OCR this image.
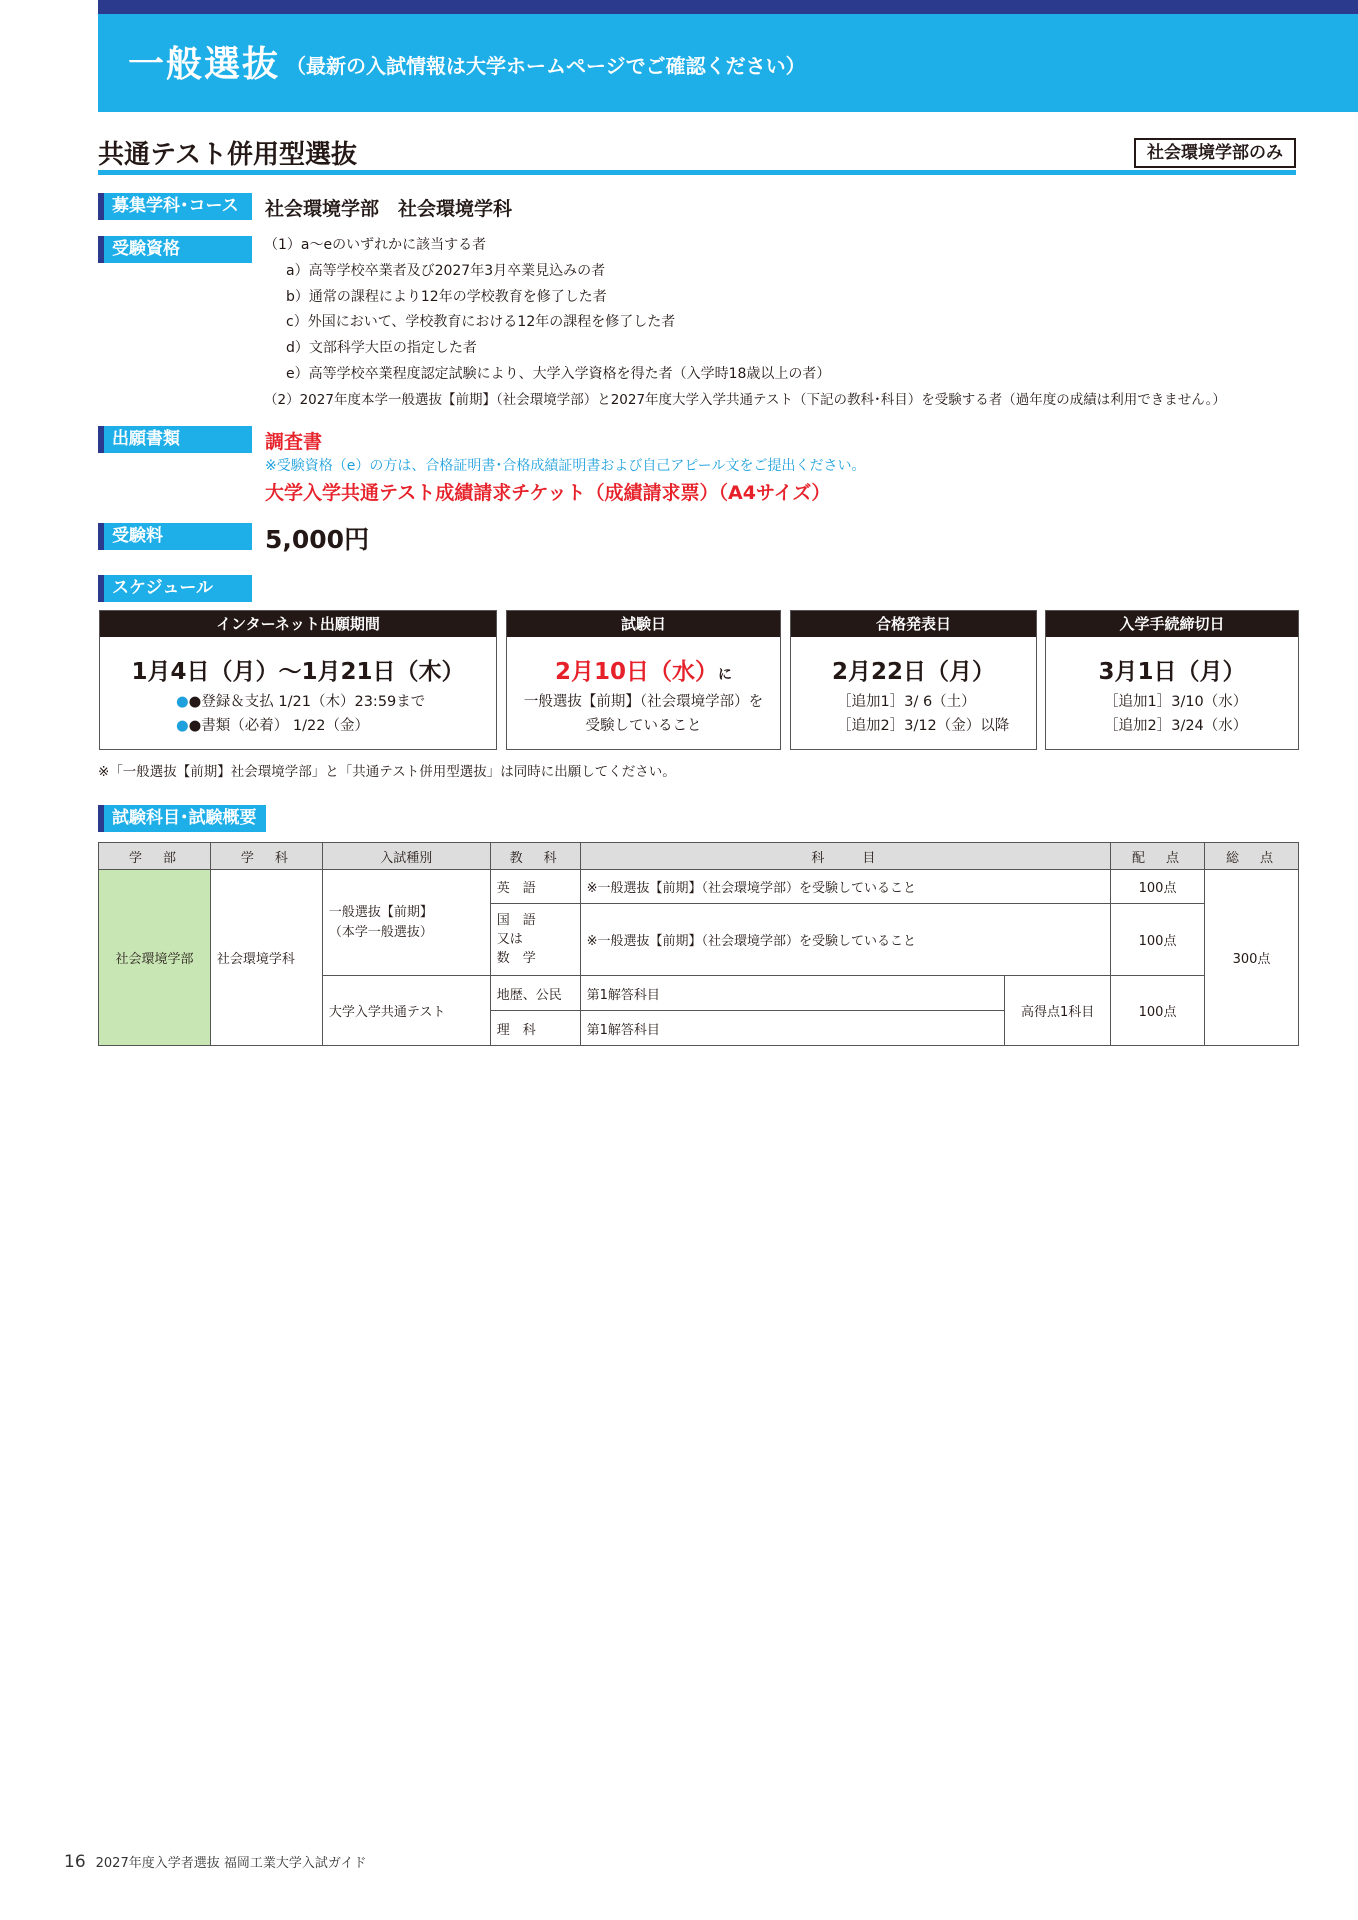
一般選抜 （最新の入試情報は大学ホームページでご確認ください）
共通テスト併用型選抜	社会環境学部のみ
募集学科･コース	社会環境学部　社会環境学科
受験資格	（1）a～eのいずれかに該当する者
a）高等学校卒業者及び2027年3月卒業見込みの者
b）通常の課程により12年の学校教育を修了した者
c）外国において、学校教育における12年の課程を修了した者
d）文部科学大臣の指定した者
e）高等学校卒業程度認定試験により、大学入学資格を得た者（入学時18歳以上の者）
（2）2027年度本学一般選抜【前期】（社会環境学部）と2027年度大学入学共通テスト（下記の教科･科目）を受験する者（過年度の成績は利用できません。）
出願書類	調査書
※受験資格（e）の方は、合格証明書･合格成績証明書および自己アピール文をご提出ください。
大学入学共通テスト成績請求チケット（成績請求票）（A4サイズ）
受験料	5,000円
スケジュール
インターネット出願期間
1月4日（月）～1月21日（木）
●●登録＆支払 1/21（木）23:59まで
●●書類（必着） 1/22（金）
試験日
2月10日（水）に
一般選抜【前期】（社会環境学部）を
受験していること
合格発表日
2月22日（月）
［追加1］3/ 6（土）
［追加2］3/12（金）以降
入学手続締切日
3月1日（月）
［追加1］3/10（水）
［追加2］3/24（水）
※「一般選抜【前期】社会環境学部」と「共通テスト併用型選抜」は同時に出願してください。
試験科目･試験概要
学　部	学　科	入試種別	教　科	科　　目		配　点	総　点
社会環境学部	社会環境学科	一般選抜【前期】
（本学一般選抜）	英　語	※一般選抜【前期】（社会環境学部）を受験していること		100点	300点

			国　語
又は
数　学	※一般選抜【前期】（社会環境学部）を受験していること		100点	
		大学入学共通テスト	地歴、公民	第1解答科目	高得点1科目	100点	
			理　科	第1解答科目			
16 2027年度入学者選抜 福岡工業大学入試ガイド
